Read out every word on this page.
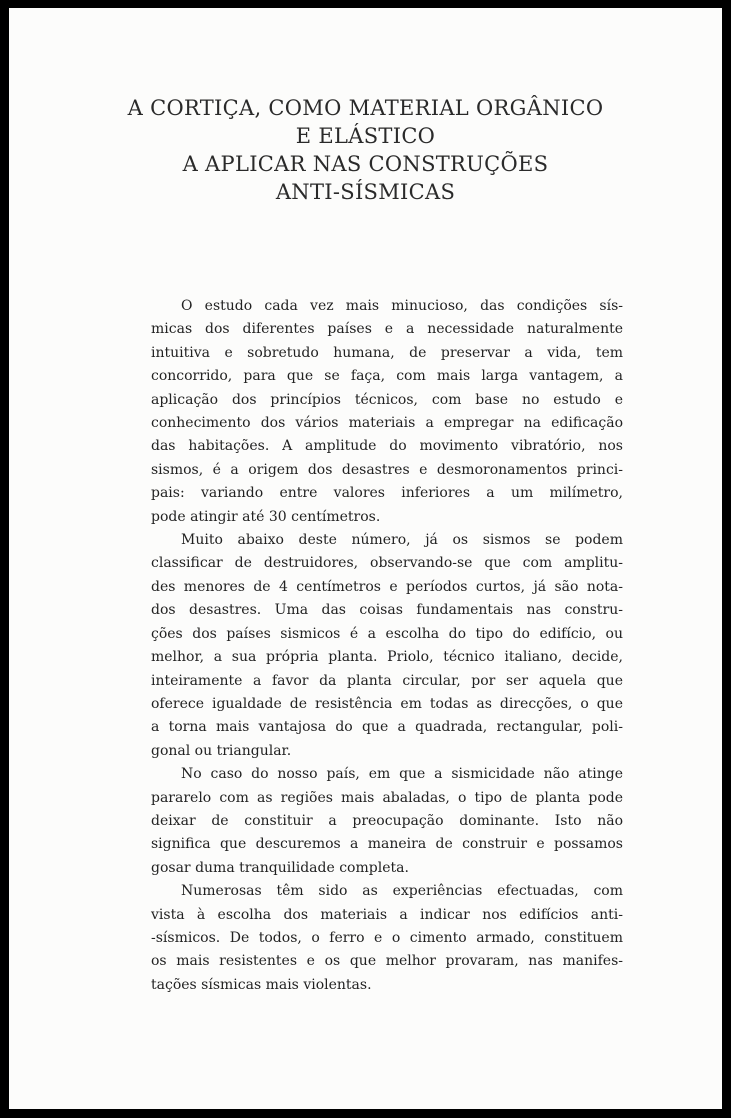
A CORTIÇA, COMO MATERIAL ORGÂNICO
E ELÁSTICO
A APLICAR NAS CONSTRUÇÕES
ANTI-SÍSMICAS
O estudo cada vez mais minucioso, das condições sís-
micas dos diferentes países e a necessidade naturalmente
intuitiva e sobretudo humana, de preservar a vida, tem
concorrido, para que se faça, com mais larga vantagem, a
aplicação dos princípios técnicos, com base no estudo e
conhecimento dos vários materiais a empregar na edificação
das habitações. A amplitude do movimento vibratório, nos
sismos, é a origem dos desastres e desmoronamentos princi-
pais: variando entre valores inferiores a um milímetro,
pode atingir até 30 centímetros.
Muito abaixo deste número, já os sismos se podem
classificar de destruidores, observando-se que com amplitu-
des menores de 4 centímetros e períodos curtos, já são nota-
dos desastres. Uma das coisas fundamentais nas constru-
ções dos países sismicos é a escolha do tipo do edifício, ou
melhor, a sua própria planta. Priolo, técnico italiano, decide,
inteiramente a favor da planta circular, por ser aquela que
oferece igualdade de resistência em todas as direcções, o que
a torna mais vantajosa do que a quadrada, rectangular, poli-
gonal ou triangular.
No caso do nosso país, em que a sismicidade não atinge
pararelo com as regiões mais abaladas, o tipo de planta pode
deixar de constituir a preocupação dominante. Isto não
significa que descuremos a maneira de construir e possamos
gosar duma tranquilidade completa.
Numerosas têm sido as experiências efectuadas, com
vista à escolha dos materiais a indicar nos edifícios anti-
-sísmicos. De todos, o ferro e o cimento armado, constituem
os mais resistentes e os que melhor provaram, nas manifes-
tações sísmicas mais violentas.
